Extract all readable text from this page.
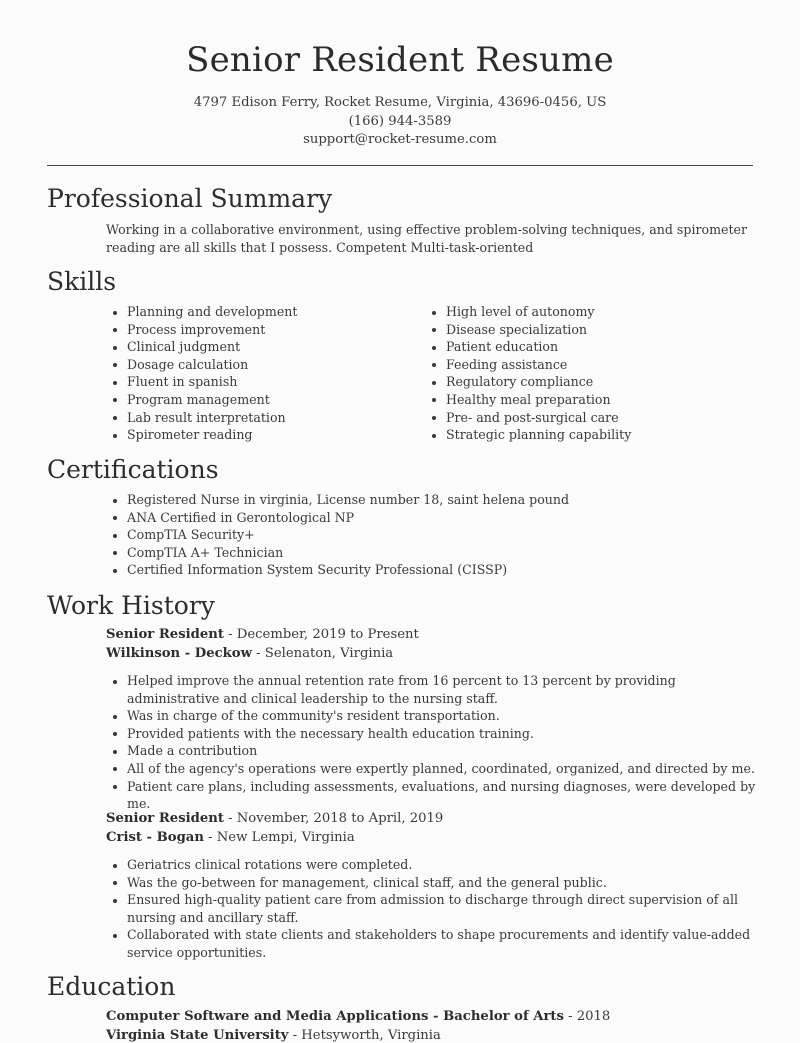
Senior Resident Resume
4797 Edison Ferry, Rocket Resume, Virginia, 43696-0456, US
(166) 944-3589
support@rocket-resume.com
Professional Summary
Working in a collaborative environment, using effective problem-solving techniques, and spirometer reading are all skills that I possess. Competent Multi-task-oriented
Skills
Planning and development
Process improvement
Clinical judgment
Dosage calculation
Fluent in spanish
Program management
Lab result interpretation
Spirometer reading
High level of autonomy
Disease specialization
Patient education
Feeding assistance
Regulatory compliance
Healthy meal preparation
Pre- and post-surgical care
Strategic planning capability
Certifications
Registered Nurse in virginia, License number 18, saint helena pound
ANA Certified in Gerontological NP
CompTIA Security+
CompTIA A+ Technician
Certified Information System Security Professional (CISSP)
Work History
Senior Resident - December, 2019 to Present
Wilkinson - Deckow - Selenaton, Virginia
Helped improve the annual retention rate from 16 percent to 13 percent by providing administrative and clinical leadership to the nursing staff.
Was in charge of the community's resident transportation.
Provided patients with the necessary health education training.
Made a contribution
All of the agency's operations were expertly planned, coordinated, organized, and directed by me.
Patient care plans, including assessments, evaluations, and nursing diagnoses, were developed by me.
Senior Resident - November, 2018 to April, 2019
Crist - Bogan - New Lempi, Virginia
Geriatrics clinical rotations were completed.
Was the go-between for management, clinical staff, and the general public.
Ensured high-quality patient care from admission to discharge through direct supervision of all nursing and ancillary staff.
Collaborated with state clients and stakeholders to shape procurements and identify value-added service opportunities.
Education
Computer Software and Media Applications - Bachelor of Arts - 2018
Virginia State University - Hetsyworth, Virginia
